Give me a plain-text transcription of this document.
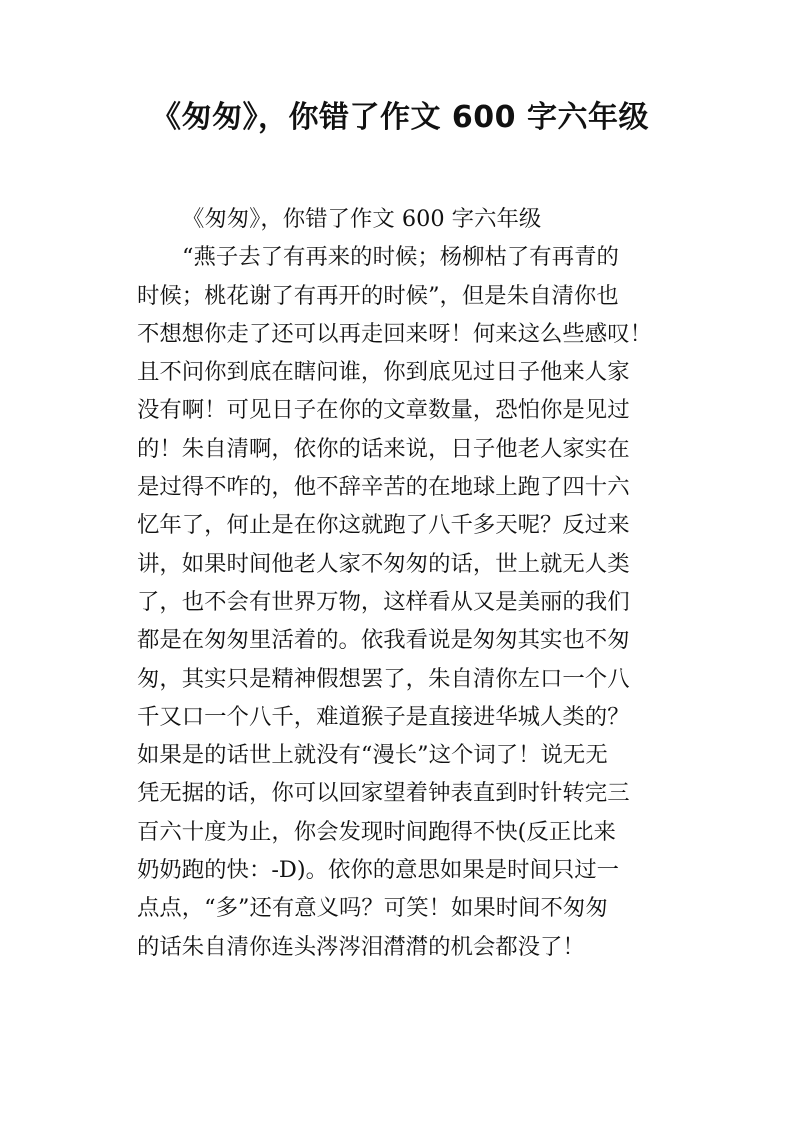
《匆匆》，你错了作文 600 字六年级
《匆匆》，你错了作文 600 字六年级
“燕子去了有再来的时候；杨柳枯了有再青的
时候；桃花谢了有再开的时候”，但是朱自清你也
不想想你走了还可以再走回来呀！何来这么些感叹！
且不问你到底在瞎问谁，你到底见过日子他来人家
没有啊！可见日子在你的文章数量，恐怕你是见过
的！朱自清啊，依你的话来说，日子他老人家实在
是过得不咋的，他不辞辛苦的在地球上跑了四十六
忆年了，何止是在你这就跑了八千多天呢？反过来
讲，如果时间他老人家不匆匆的话，世上就无人类
了，也不会有世界万物，这样看从又是美丽的我们
都是在匆匆里活着的。依我看说是匆匆其实也不匆
匆，其实只是精神假想罢了，朱自清你左口一个八
千又口一个八千，难道猴子是直接进华城人类的？
如果是的话世上就没有“漫长”这个词了！说无无
凭无据的话，你可以回家望着钟表直到时针转完三
百六十度为止，你会发现时间跑得不快(反正比来
奶奶跑的快：-D)。依你的意思如果是时间只过一
点点，“多”还有意义吗？可笑！如果时间不匆匆
的话朱自清你连头涔涔泪潸潸的机会都没了！
